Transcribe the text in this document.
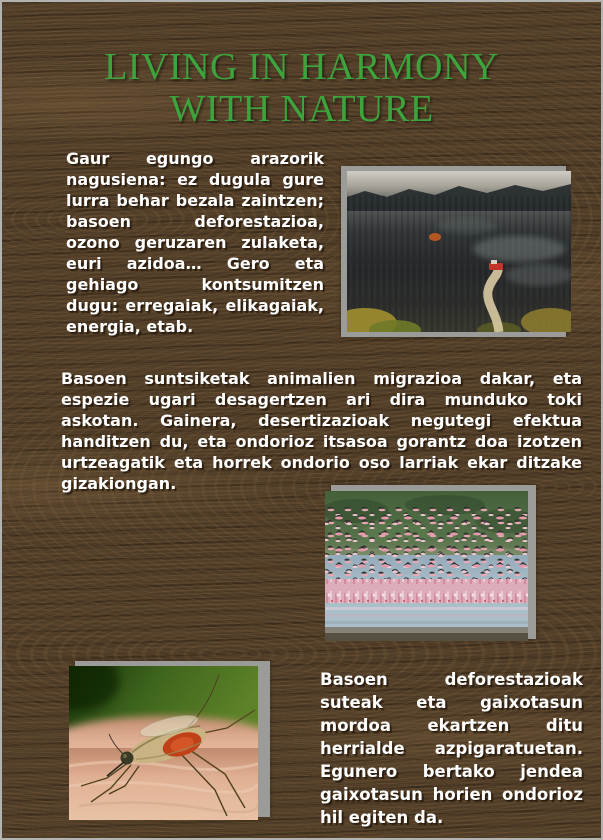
LIVING IN HARMONY
WITH NATURE

Gaur egungo arazorik nagusiena: ez dugula gure lurra behar bezala zaintzen; basoen deforestazioa, ozono geruzaren zulaketa, euri azidoa… Gero eta gehiago kontsumitzen dugu: erregaiak, elikagaiak, energia, etab.

Basoen suntsiketak animalien migrazioa dakar, eta espezie ugari desagertzen ari dira munduko toki askotan. Gainera, desertizazioak negutegi efektua handitzen du, eta ondorioz itsasoa gorantz doa izotzen urtzeagatik eta horrek ondorio oso larriak ekar ditzake gizakiongan.

Basoen deforestazioak suteak eta gaixotasun mordoa ekartzen ditu herrialde azpigaratuetan. Egunero bertako jendea gaixotasun horien ondorioz hil egiten da.
